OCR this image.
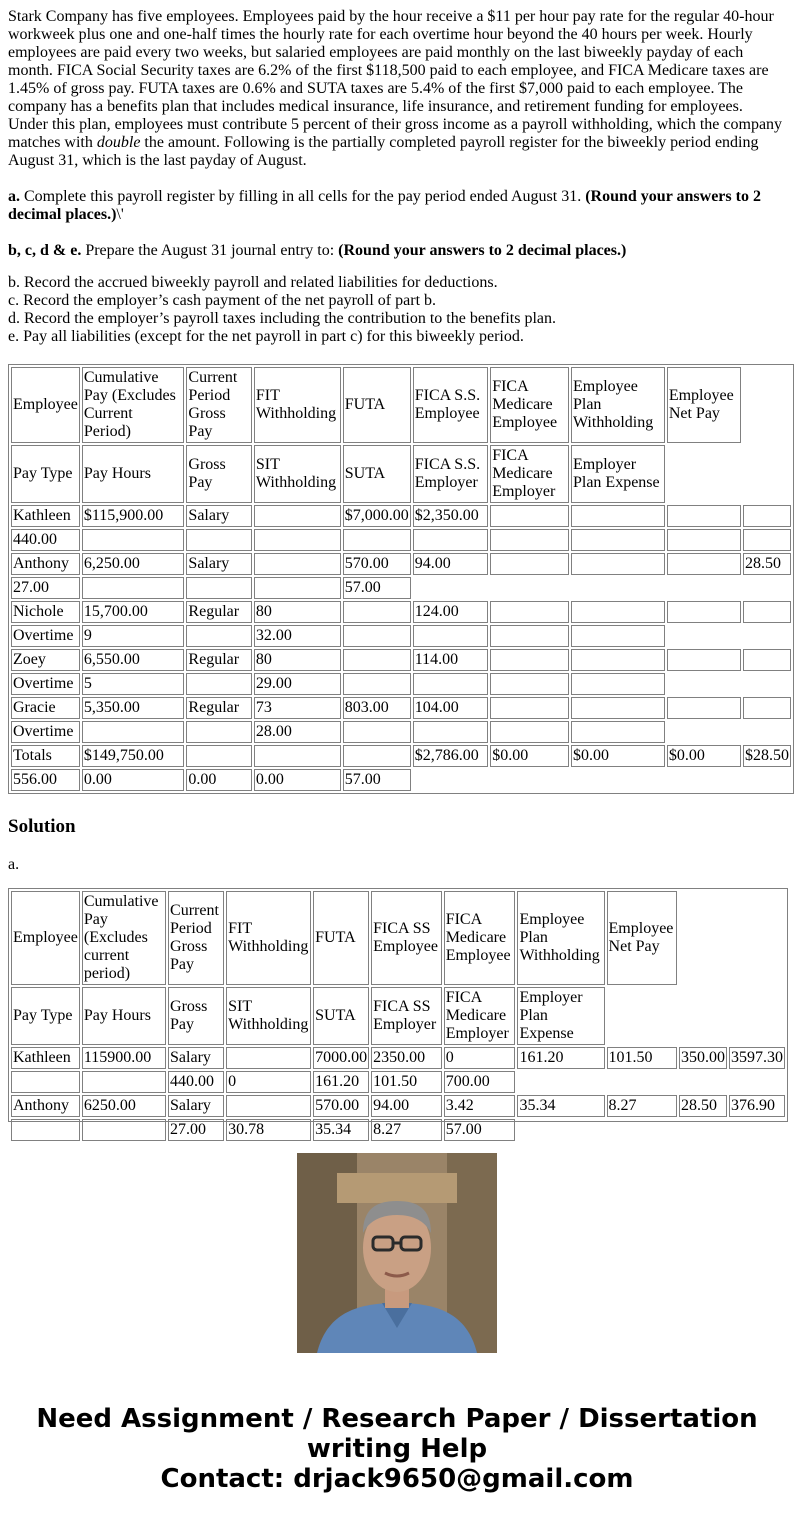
Stark Company has five employees. Employees paid by the hour receive a $11 per hour pay rate for the regular 40-hour workweek plus one and one-half times the hourly rate for each overtime hour beyond the 40 hours per week. Hourly employees are paid every two weeks, but salaried employees are paid monthly on the last biweekly payday of each month. FICA Social Security taxes are 6.2% of the first $118,500 paid to each employee, and FICA Medicare taxes are 1.45% of gross pay. FUTA taxes are 0.6% and SUTA taxes are 5.4% of the first $7,000 paid to each employee. The company has a benefits plan that includes medical insurance, life insurance, and retirement funding for employees. Under this plan, employees must contribute 5 percent of their gross income as a payroll withholding, which the company matches with double the amount. Following is the partially completed payroll register for the biweekly period ending August 31, which is the last payday of August.

a. Complete this payroll register by filling in all cells for the pay period ended August 31. (Round your answers to 2 decimal places.)\'

b, c, d & e. Prepare the August 31 journal entry to: (Round your answers to 2 decimal places.)

b. Record the accrued biweekly payroll and related liabilities for deductions.

c. Record the employer’s cash payment of the net payroll of part b.

d. Record the employer’s payroll taxes including the contribution to the benefits plan.

e. Pay all liabilities (except for the net payroll in part c) for this biweekly period.

Employee	Cumulative Pay (Excludes Current Period)	Current Period Gross Pay	FIT Withholding	FUTA	FICA S.S. Employee	FICA Medicare Employee	Employee Plan Withholding	Employee Net Pay	
Pay Type	Pay Hours	Gross Pay	SIT Withholding	SUTA	FICA S.S. Employer	FICA Medicare Employer	Employer Plan Expense		
Kathleen	$115,900.00	Salary		$7,000.00	$2,350.00				
440.00									
Anthony	6,250.00	Salary		570.00	94.00				28.50
27.00				57.00					
Nichole	15,700.00	Regular	80		124.00				
Overtime	9		32.00						
Zoey	6,550.00	Regular	80		114.00				
Overtime	5		29.00						
Gracie	5,350.00	Regular	73	803.00	104.00				
Overtime			28.00						
Totals	$149,750.00				$2,786.00	$0.00	$0.00	$0.00	$28.50
556.00	0.00	0.00	0.00	57.00					
Solution

a.

Employee	Cumulative Pay (Excludes current period)	Current Period Gross Pay	FIT Withholding	FUTA	FICA SS Employee	FICA Medicare Employee	Employee Plan Withholding	Employee Net Pay		
Pay Type	Pay Hours	Gross Pay	SIT Withholding	SUTA	FICA SS Employer	FICA Medicare Employer	Employer Plan Expense			
Kathleen	115900.00	Salary		7000.00	2350.00	0	161.20	101.50	350.00	3597.30
		440.00	0	161.20	101.50	700.00				
Anthony	6250.00	Salary		570.00	94.00	3.42	35.34	8.27	28.50	376.90
		27.00	30.78	35.34	8.27	57.00				
Need Assignment / Research Paper / Dissertation
writing Help
Contact: drjack9650@gmail.com
